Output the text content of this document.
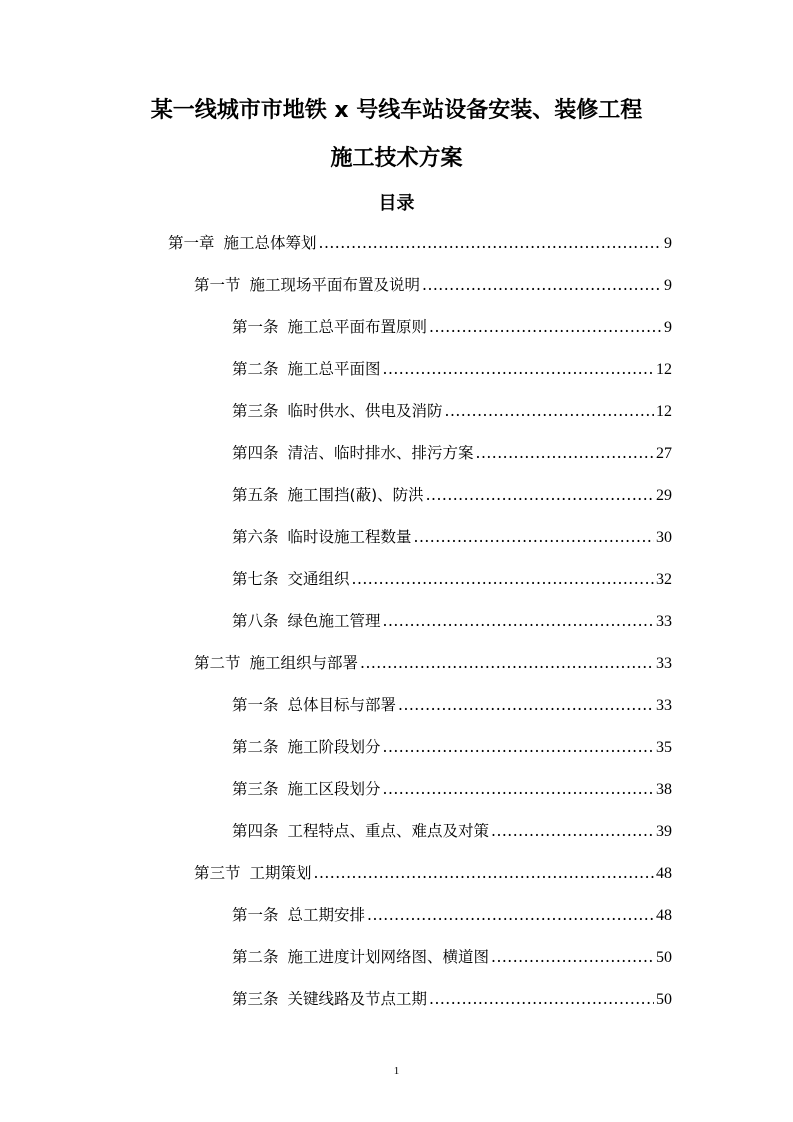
某一线城市市地铁 x 号线车站设备安装、装修工程
施工技术方案
目录
第一章 施工总体筹划 .....	9
第一节 施工现场平面布置及说明 .....	9
第一条 施工总平面布置原则 .....	9
第二条 施工总平面图 .....	12
第三条 临时供水、供电及消防 .....	12
第四条 清洁、临时排水、排污方案 .....	27
第五条 施工围挡(蔽)、防洪 .....	29
第六条 临时设施工程数量 .....	30
第七条 交通组织 .....	32
第八条 绿色施工管理 .....	33
第二节 施工组织与部署 .....	33
第一条 总体目标与部署 .....	33
第二条 施工阶段划分 .....	35
第三条 施工区段划分 .....	38
第四条 工程特点、重点、难点及对策 .....	39
第三节 工期策划 .....	48
第一条 总工期安排 .....	48
第二条 施工进度计划网络图、横道图 .....	50
第三条 关键线路及节点工期 .....	50
1
